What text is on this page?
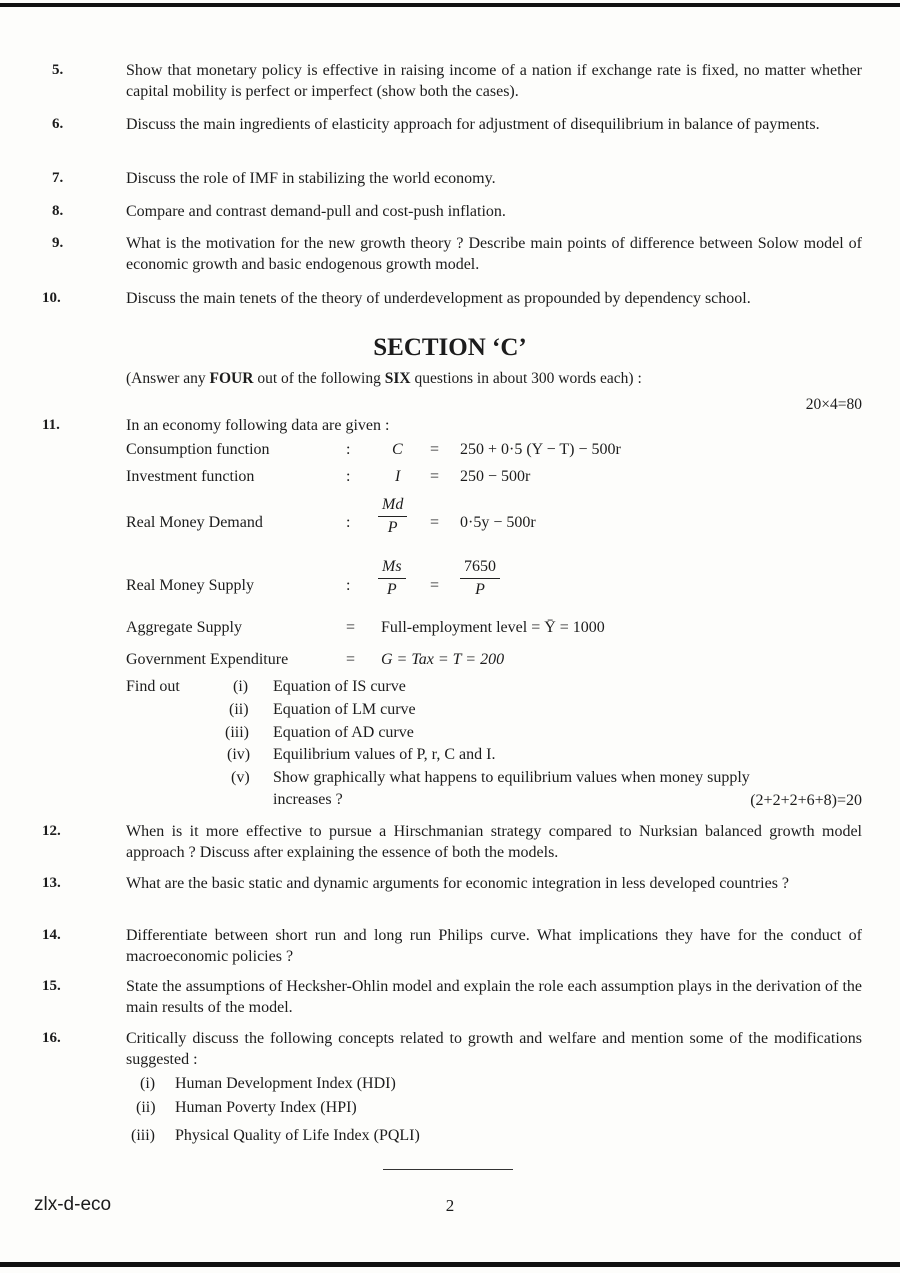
5.	Show that monetary policy is effective in raising income of a nation if exchange rate is fixed, no matter whether capital mobility is perfect or imperfect (show both the cases).
6.	Discuss the main ingredients of elasticity approach for adjustment of disequilibrium in balance of payments.
7.	Discuss the role of IMF in stabilizing the world economy.
8.	Compare and contrast demand-pull and cost-push inflation.
9.	What is the motivation for the new growth theory ? Describe main points of difference between Solow model of economic growth and basic endogenous growth model.
10.	Discuss the main tenets of the theory of underdevelopment as propounded by dependency school.
SECTION ‘C’
(Answer any FOUR out of the following SIX questions in about 300 words each) :
20×4=80
11.	In an economy following data are given :
Consumption function	:	C = 250 + 0·5 (Y − T) − 500r
Investment function	:	I = 250 − 500r
Real Money Demand	: $\frac{Md}{P} = 0\cdot 5y - 500r$
Real Money Supply	: $\frac{Ms}{P} = \frac{7650}{P}$
Aggregate Supply	= Full-employment level = Ȳ = 1000
Government Expenditure	= G = Tax = T = 200
Find out	(i) Equation of IS curve
(ii) Equation of LM curve
(iii) Equation of AD curve
(iv) Equilibrium values of P, r, C and I.
(v) Show graphically what happens to equilibrium values when money supply
increases ?	(2+2+2+6+8)=20
12.	When is it more effective to pursue a Hirschmanian strategy compared to Nurksian balanced growth model approach ? Discuss after explaining the essence of both the models.
13.	What are the basic static and dynamic arguments for economic integration in less developed countries ?
14.	Differentiate between short run and long run Philips curve. What implications they have for the conduct of macroeconomic policies ?
15.	State the assumptions of Hecksher-Ohlin model and explain the role each assumption plays in the derivation of the main results of the model.
16.	Critically discuss the following concepts related to growth and welfare and mention some of the modifications suggested :
(i) Human Development Index (HDI)
(ii) Human Poverty Index (HPI)
(iii) Physical Quality of Life Index (PQLI)
zlx-d-eco	2
